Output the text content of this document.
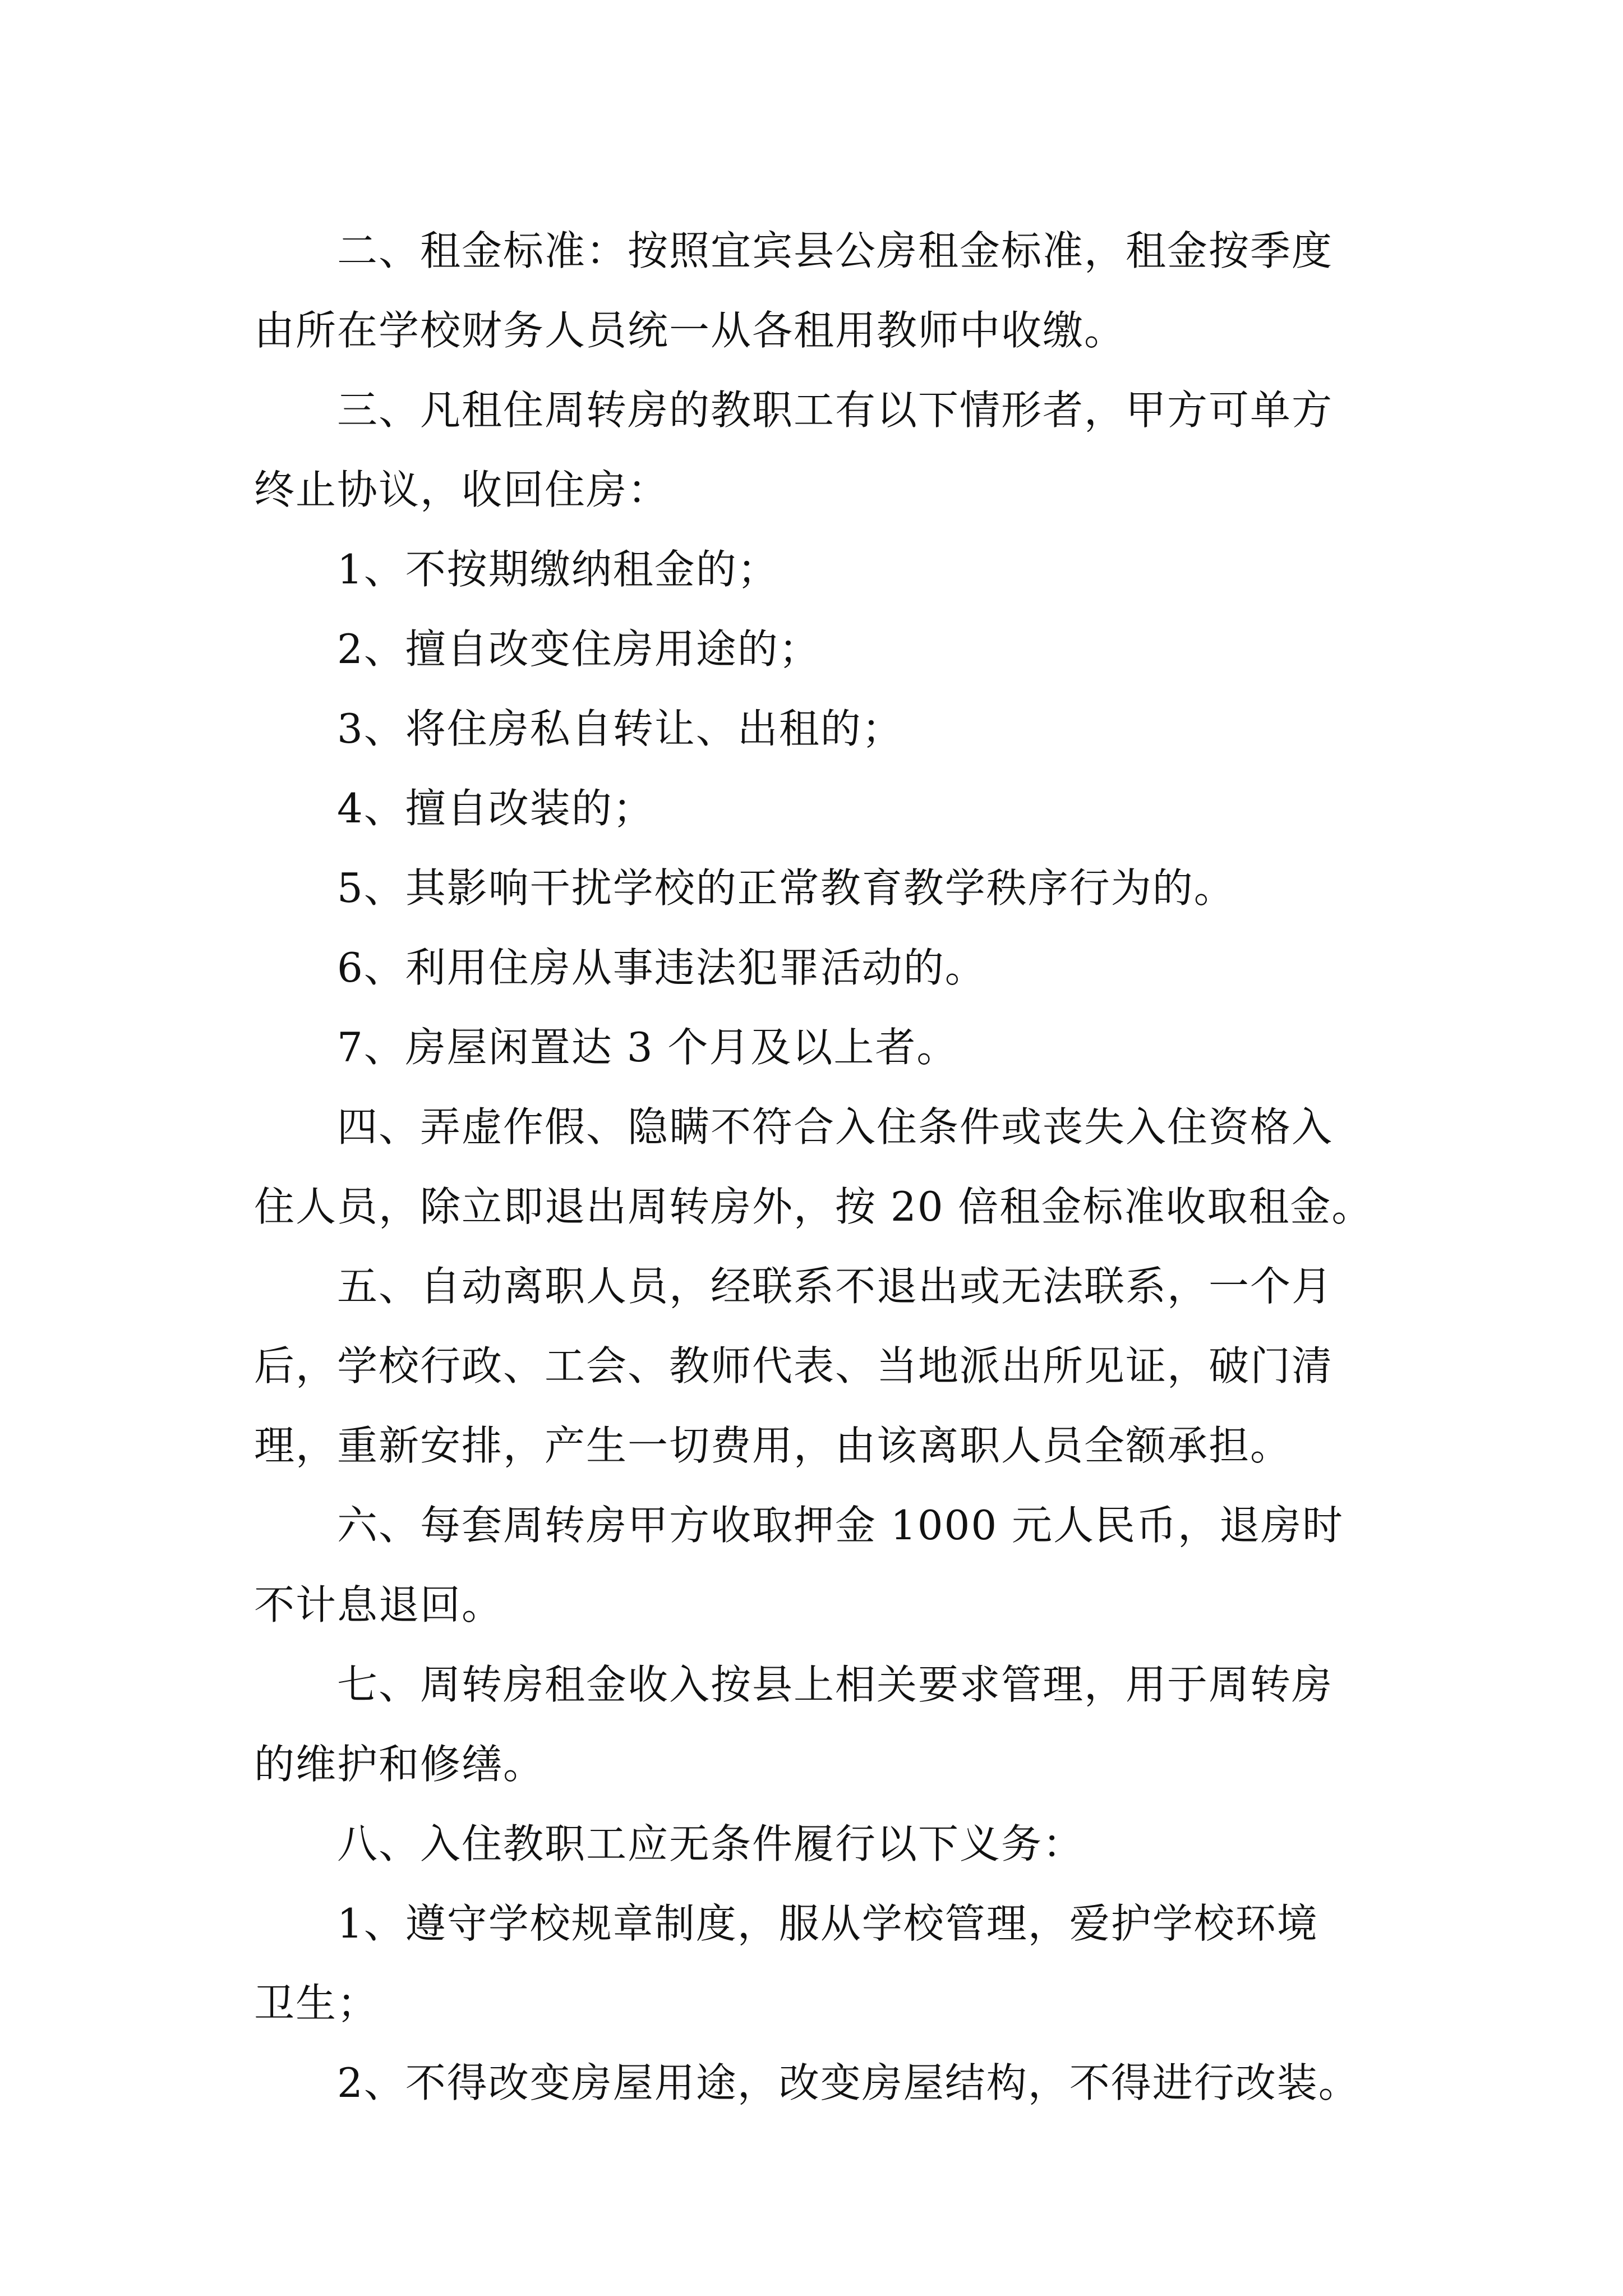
二、租金标准：按照宜宾县公房租金标准，租金按季度

由所在学校财务人员统一从各租用教师中收缴。

三、凡租住周转房的教职工有以下情形者，甲方可单方

终止协议，收回住房：

1、不按期缴纳租金的；

2、擅自改变住房用途的；

3、将住房私自转让、出租的；

4、擅自改装的；

5、其影响干扰学校的正常教育教学秩序行为的。

6、利用住房从事违法犯罪活动的。

7、房屋闲置达 3 个月及以上者。

四、弄虚作假、隐瞒不符合入住条件或丧失入住资格入

住人员，除立即退出周转房外，按 20 倍租金标准收取租金。

五、自动离职人员，经联系不退出或无法联系，一个月

后，学校行政、工会、教师代表、当地派出所见证，破门清

理，重新安排，产生一切费用，由该离职人员全额承担。

六、每套周转房甲方收取押金 1000 元人民币，退房时

不计息退回。

七、周转房租金收入按县上相关要求管理，用于周转房

的维护和修缮。

八、入住教职工应无条件履行以下义务：

1、遵守学校规章制度，服从学校管理，爱护学校环境

卫生；

2、不得改变房屋用途，改变房屋结构，不得进行改装。
